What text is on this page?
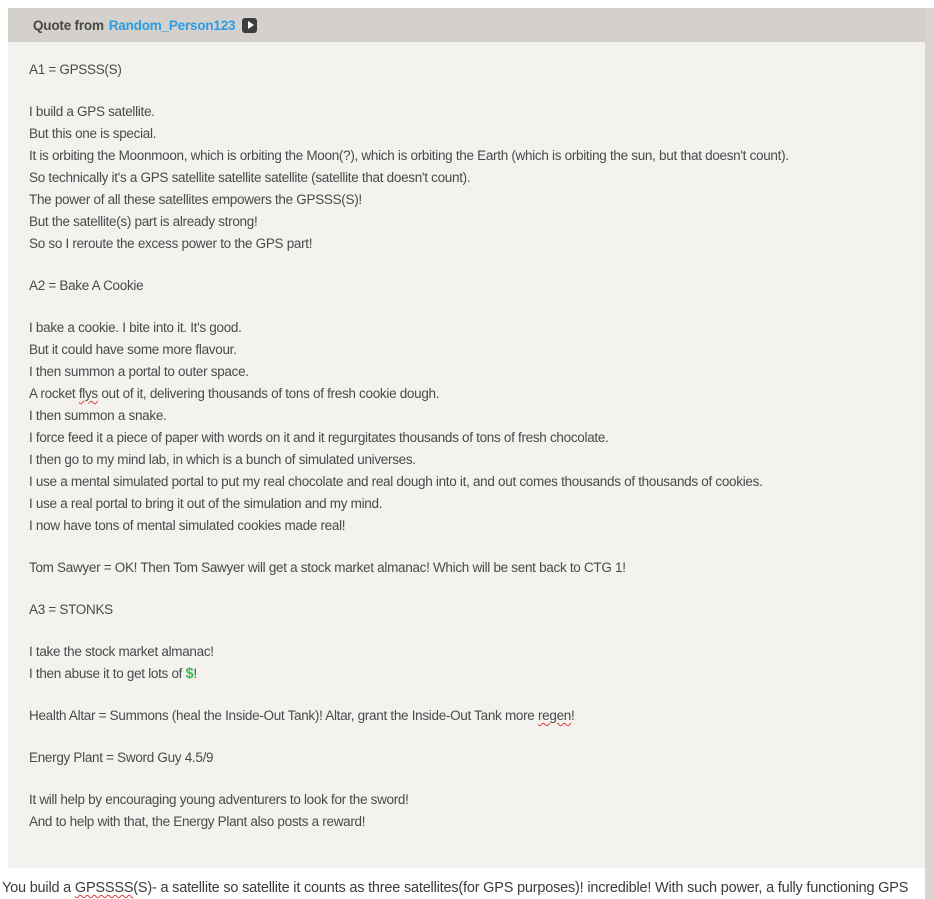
Quote from Random_Person123
A1 = GPSSS(S)
I build a GPS satellite.
But this one is special.
It is orbiting the Moonmoon, which is orbiting the Moon(?), which is orbiting the Earth (which is orbiting the sun, but that doesn't count).
So technically it's a GPS satellite satellite satellite (satellite that doesn't count).
The power of all these satellites empowers the GPSSS(S)!
But the satellite(s) part is already strong!
So so I reroute the excess power to the GPS part!
A2 = Bake A Cookie
I bake a cookie. I bite into it. It's good.
But it could have some more flavour.
I then summon a portal to outer space.
A rocket flys out of it, delivering thousands of tons of fresh cookie dough.
I then summon a snake.
I force feed it a piece of paper with words on it and it regurgitates thousands of tons of fresh chocolate.
I then go to my mind lab, in which is a bunch of simulated universes.
I use a mental simulated portal to put my real chocolate and real dough into it, and out comes thousands of thousands of cookies.
I use a real portal to bring it out of the simulation and my mind.
I now have tons of mental simulated cookies made real!
Tom Sawyer = OK! Then Tom Sawyer will get a stock market almanac! Which will be sent back to CTG 1!
A3 = STONKS
I take the stock market almanac!
I then abuse it to get lots of $!
Health Altar = Summons (heal the Inside-Out Tank)! Altar, grant the Inside-Out Tank more regen!
Energy Plant = Sword Guy 4.5/9
It will help by encouraging young adventurers to look for the sword!
And to help with that, the Energy Plant also posts a reward!
You build a GPSSSS(S)- a satellite so satellite it counts as three satellites(for GPS purposes)! incredible! With such power, a fully functioning GPS
